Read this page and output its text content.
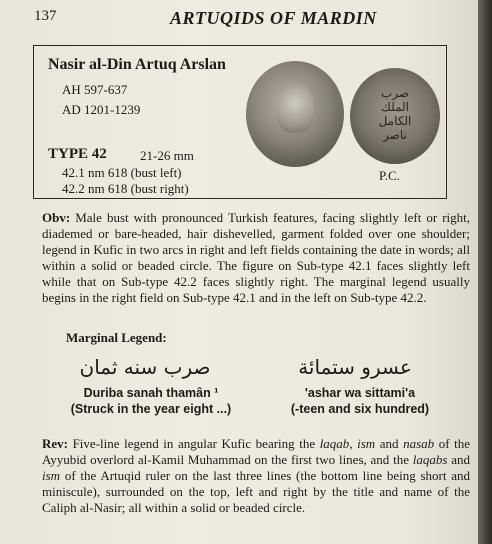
137	ARTUQIDS OF MARDIN
Nasir al-Din Artuq Arslan
AH 597-637
AD 1201-1239
TYPE 42	21-26 mm
42.1 nm 618 (bust left)
42.2 nm 618 (bust right)
صرب
الملك
الكامل
ناصر
P.C.
Obv: Male bust with pronounced Turkish features, facing slightly left or right, diademed or bare-headed, hair dishevelled, garment folded over one shoulder; legend in Kufic in two arcs in right and left fields containing the date in words; all within a solid or beaded circle. The figure on Sub-type 42.1 faces slightly left while that on Sub-type 42.2 faces slightly right. The marginal legend usually begins in the right field on Sub-type 42.1 and in the left on Sub-type 42.2.
Marginal Legend:
صرب سنه ثمان	عسرو ستمائة
Duriba sanah thamân ¹
(Struck in the year eight ...)
'ashar wa sittami'a
(-teen and six hundred)
Rev: Five-line legend in angular Kufic bearing the laqab, ism and nasab of the Ayyubid overlord al-Kamil Muhammad on the first two lines, and the laqabs and ism of the Artuqid ruler on the last three lines (the bottom line being short and miniscule), surrounded on the top, left and right by the title and name of the Caliph al-Nasir; all within a solid or beaded circle.
